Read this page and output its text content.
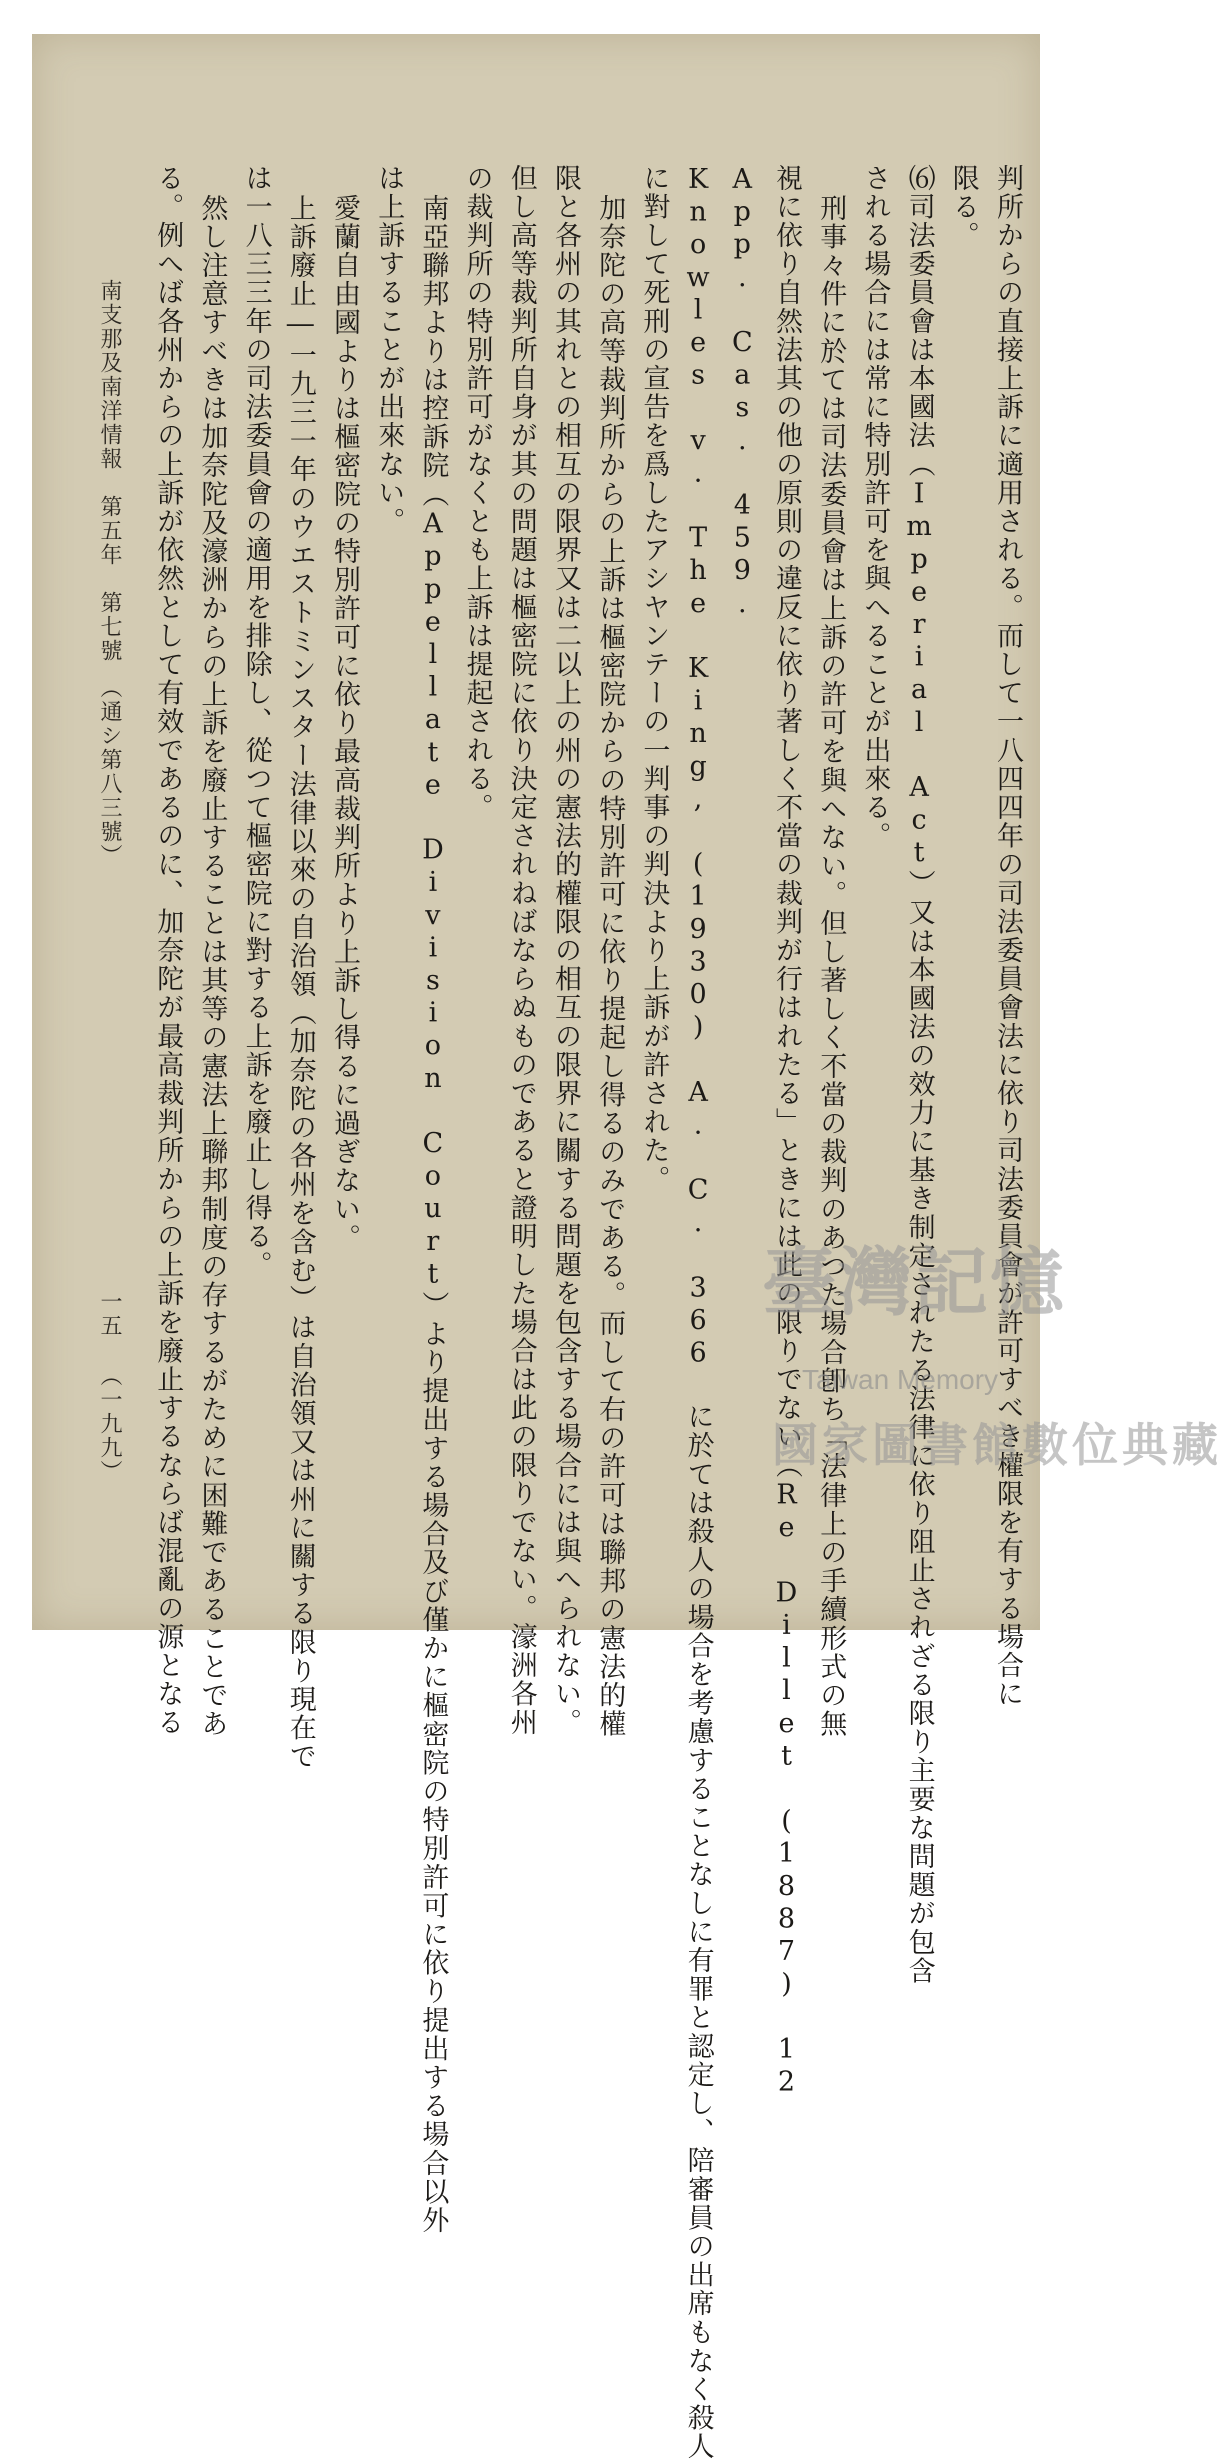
判所からの直接上訴に適用される。而して一八四四年の司法委員會法に依り司法委員會が許可すべき權限を有する場合に

限る。

⑹司法委員會は本國法（Imperial Act）又は本國法の效力に基き制定されたる法律に依り阻止されざる限り主要な問題が包含

される場合には常に特別許可を與へることが出來る。

刑事々件に於ては司法委員會は上訴の許可を與へない。但し著しく不當の裁判のあつた場合卽ち「法律上の手續形式の無

視に依り自然法其の他の原則の違反に依り著しく不當の裁判が行はれたる」ときには此の限りでない（Re Dillet (1887) 12

App. Cas. 459.

Knowles v. The King, (1930) A. C. 366 に於ては殺人の場合を考慮することなしに有罪と認定し、陪審員の出席もなく殺人

に對して死刑の宣告を爲したアシヤンテーの一判事の判決より上訴が許された。

加奈陀の高等裁判所からの上訴は樞密院からの特別許可に依り提起し得るのみである。而して右の許可は聯邦の憲法的權

限と各州の其れとの相互の限界又は二以上の州の憲法的權限の相互の限界に關する問題を包含する場合には與へられない。

但し高等裁判所自身が其の問題は樞密院に依り決定されねばならぬものであると證明した場合は此の限りでない。濠洲各州

の裁判所の特別許可がなくとも上訴は提起される。

南亞聯邦よりは控訴院（Appellate Division Court）より提出する場合及び僅かに樞密院の特別許可に依り提出する場合以外

は上訴することが出來ない。

愛蘭自由國よりは樞密院の特別許可に依り最高裁判所より上訴し得るに過ぎない。

上訴廢止―一九三一年のウエストミンスター法律以來の自治領（加奈陀の各州を含む）は自治領又は州に關する限り現在で

は一八三三年の司法委員會の適用を排除し、從つて樞密院に對する上訴を廢止し得る。

然し注意すべきは加奈陀及濠洲からの上訴を廢止することは其等の憲法上聯邦制度の存するがために困難であることであ

る。例へば各州からの上訴が依然として有效であるのに、加奈陀が最高裁判所からの上訴を廢止するならば混亂の源となる

南支那及南洋情報　第五年　第七號　（通シ第八三號）
一五
（一九九）
臺灣記憶
Taiwan Memory
國家圖書館數位典藏
